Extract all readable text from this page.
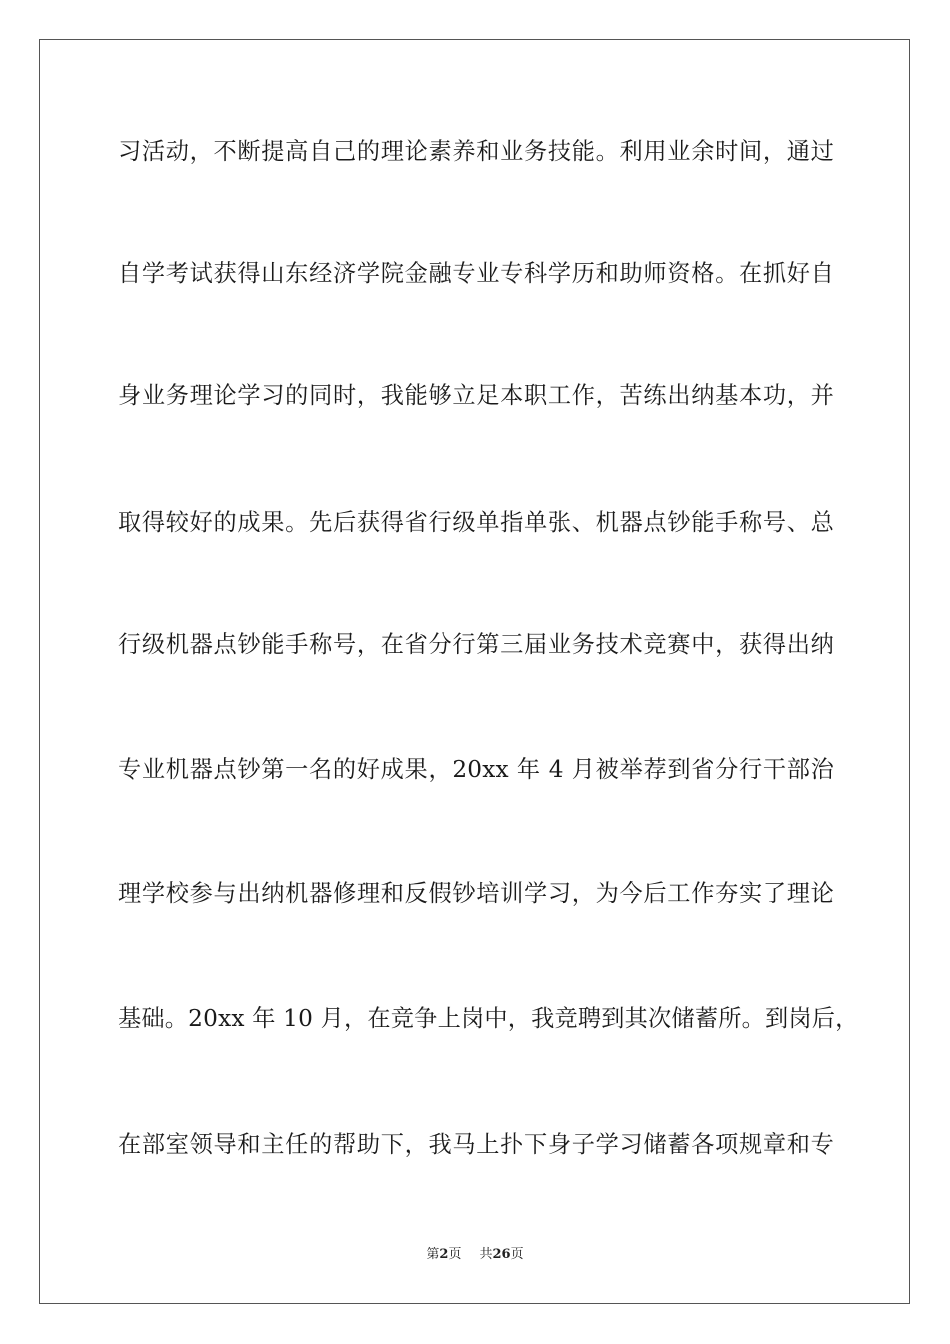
习活动，不断提高自己的理论素养和业务技能。利用业余时间，通过
自学考试获得山东经济学院金融专业专科学历和助师资格。在抓好自
身业务理论学习的同时，我能够立足本职工作，苦练出纳基本功，并
取得较好的成果。先后获得省行级单指单张、机器点钞能手称号、总
行级机器点钞能手称号，在省分行第三届业务技术竞赛中，获得出纳
专业机器点钞第一名的好成果，20xx 年 4 月被举荐到省分行干部治
理学校参与出纳机器修理和反假钞培训学习，为今后工作夯实了理论
基础。20xx 年 10 月，在竞争上岗中，我竞聘到其次储蓄所。到岗后，
在部室领导和主任的帮助下，我马上扑下身子学习储蓄各项规章和专
第2页 共26页
